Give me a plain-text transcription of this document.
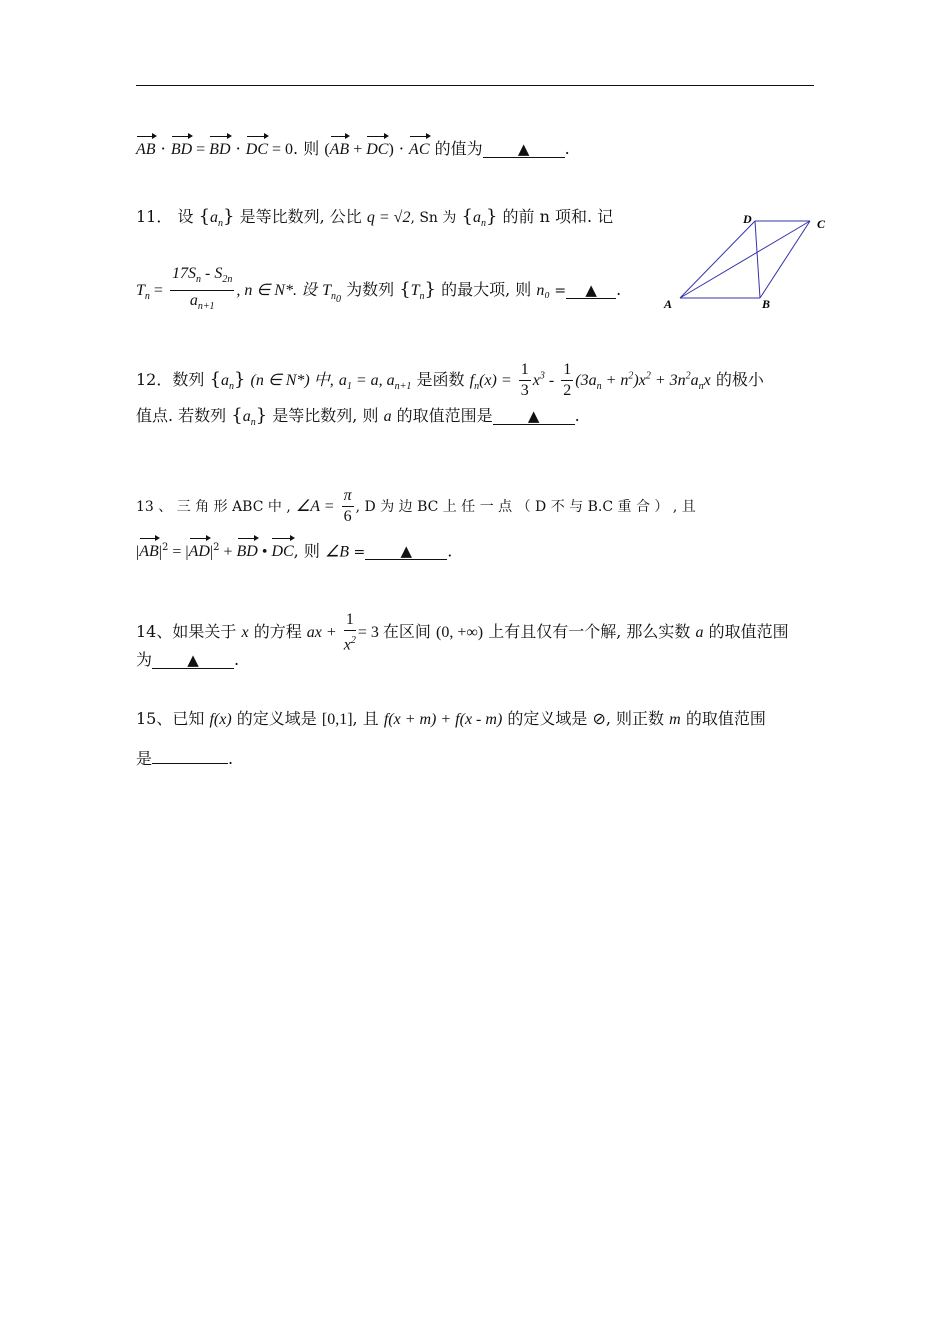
AB · BD = BD · DC = 0. 则 (AB + DC) · AC 的值为 ▲ .
11． 设 $\{a_n\}$ 是等比数列, 公比 q = √2, Sn 为 $\{a_n\}$ 的前 n 项和. 记
$T_n = \frac{17S_n - S_{2n}}{a_{n+1}}$ , n ∈ N*. 设 $T_{n_0}$ 为数列 $\{T_n\}$ 的最大项, 则 n₀ = ▲ .
A	B
C
D
12．数列 $\{a_n\}$ (n ∈ N*) 中, $a_1 = a$, $a_{n+1}$ 是函数 $f_n(x) = \frac{1}{3} x^3 - \frac{1}{2} (3a_n + n^2)x^2 + 3n^2a_nx$ 的极小
值点. 若数列 $\{a_n\}$ 是等比数列, 则 a 的取值范围是 ▲ .
13 、 三 角 形 ABC 中 , ∠A = $\frac{\pi}{6}$ , D 为 边 BC 上 任 一 点 （ D 不 与 B.C 重 合 ） , 且
$|AB|^2 = |AD|^2$ + BD • DC, 则 ∠B = ▲ .
14、如果关于 x 的方程 ax + $\frac{1}{x^2} = 3$ 在区间 (0, +∞) 上有且仅有一个解, 那么实数 a 的取值范围
为 ▲ .
15、已知 f(x) 的定义域是 [0,1], 且 f(x + m) + f(x - m) 的定义域是 ⊘, 则正数 m 的取值范围
是	.
